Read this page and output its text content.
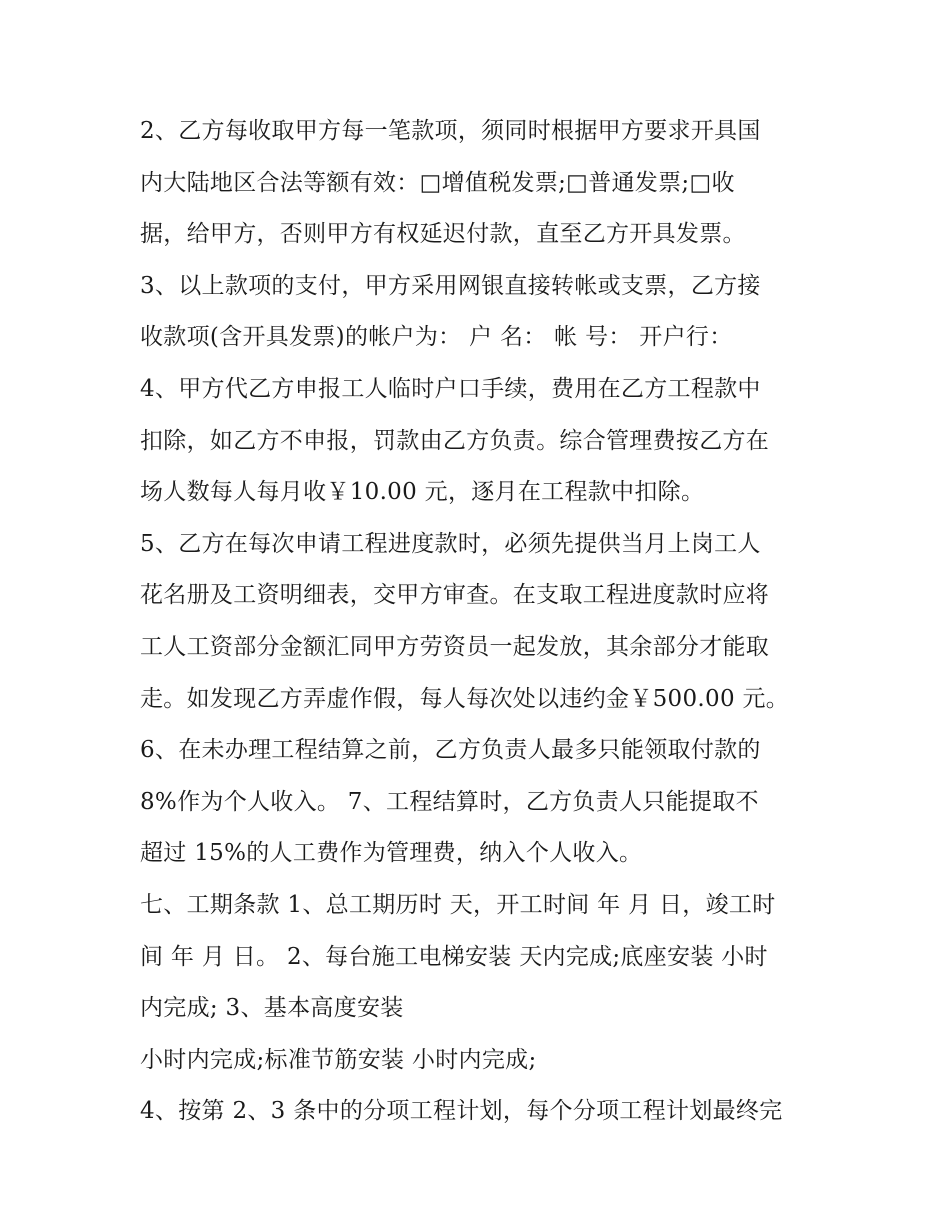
2、乙方每收取甲方每一笔款项，须同时根据甲方要求开具国
内大陆地区合法等额有效：□增值税发票;□普通发票;□收
据，给甲方，否则甲方有权延迟付款，直至乙方开具发票。
3、以上款项的支付，甲方采用网银直接转帐或支票，乙方接
收款项(含开具发票)的帐户为： 户 名： 帐 号： 开户行：
4、甲方代乙方申报工人临时户口手续，费用在乙方工程款中
扣除，如乙方不申报，罚款由乙方负责。综合管理费按乙方在
场人数每人每月收￥10.00 元，逐月在工程款中扣除。
5、乙方在每次申请工程进度款时，必须先提供当月上岗工人
花名册及工资明细表，交甲方审查。在支取工程进度款时应将
工人工资部分金额汇同甲方劳资员一起发放，其余部分才能取
走。如发现乙方弄虚作假，每人每次处以违约金￥500.00 元。
6、在未办理工程结算之前，乙方负责人最多只能领取付款的
8%作为个人收入。 7、工程结算时，乙方负责人只能提取不
超过 15%的人工费作为管理费，纳入个人收入。
七、工期条款 1、总工期历时 天，开工时间 年 月 日，竣工时
间 年 月 日。 2、每台施工电梯安装 天内完成;底座安装 小时
内完成; 3、基本高度安装
小时内完成;标准节筋安装 小时内完成;
4、按第 2、3 条中的分项工程计划，每个分项工程计划最终完
